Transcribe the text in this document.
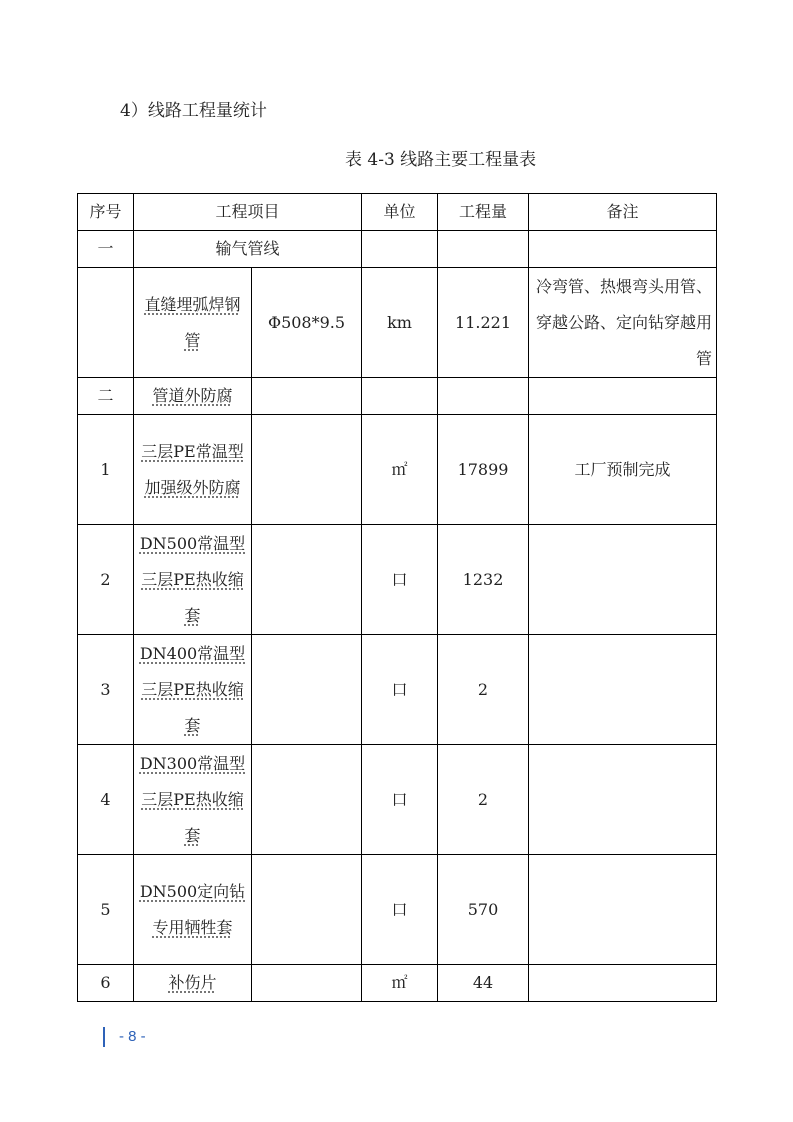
4）线路工程量统计
表 4-3 线路主要工程量表
序号	工程项目		单位	工程量	备注
一	输气管线				
	直缝埋弧焊钢管	Φ508*9.5	km	11.221	冷弯管、热煨弯头用管、穿越公路、定向钻穿越用管
二	管道外防腐				
1	三层PE常温型加强级外防腐		㎡	17899	工厂预制完成
2	DN500常温型三层PE热收缩套		口	1232	
3	DN400常温型三层PE热收缩套		口	2	
4	DN300常温型三层PE热收缩套		口	2	
5	DN500定向钻专用牺牲套		口	570	
6	补伤片		㎡	44	
- 8 -
